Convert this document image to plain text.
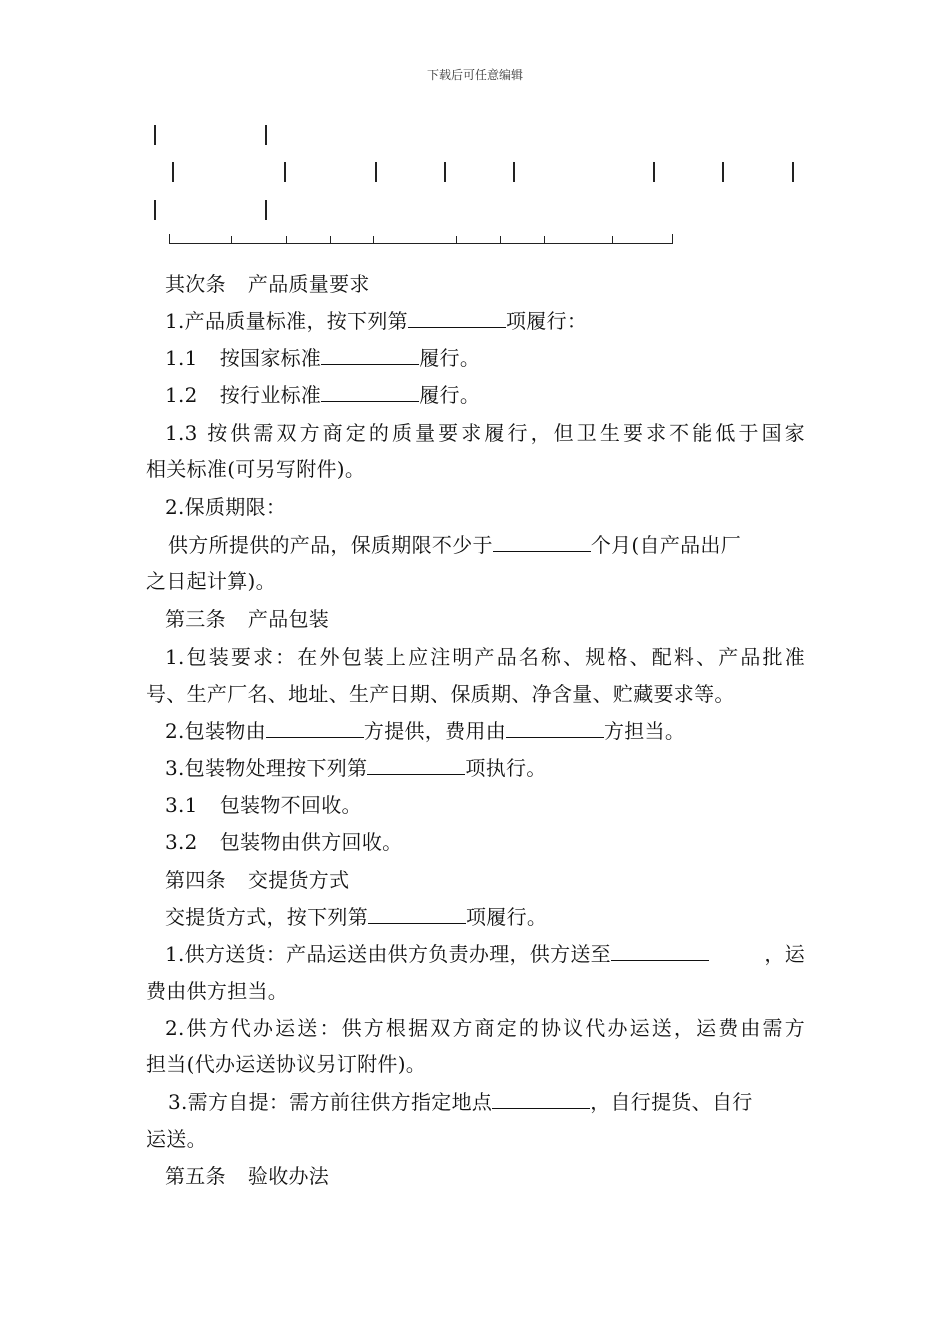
下载后可任意编辑
其次条 产品质量要求
1.产品质量标准，按下列第	项履行：
1.1 按国家标准	履行。
1.2 按行业标准	履行。
1.3 按供需双方商定的质量要求履行，但卫生要求不能低于国家
相关标准(可另写附件)。
2.保质期限：
供方所提供的产品，保质期限不少于	个月(自产品出厂
之日起计算)。
第三条 产品包装
1.包装要求：在外包装上应注明产品名称、规格、配料、产品批准
号、生产厂名、地址、生产日期、保质期、净含量、贮藏要求等。
2.包装物由	方提供，费用由	方担当。
3.包装物处理按下列第	项执行。
3.1 包装物不回收。
3.2 包装物由供方回收。
第四条 交提货方式
交提货方式，按下列第	项履行。
1.供方送货：产品运送由供方负责办理，供方送至	，运
费由供方担当。
2.供方代办运送：供方根据双方商定的协议代办运送，运费由需方
担当(代办运送协议另订附件)。
3.需方自提：需方前往供方指定地点	，自行提货、自行
运送。
第五条 验收办法
